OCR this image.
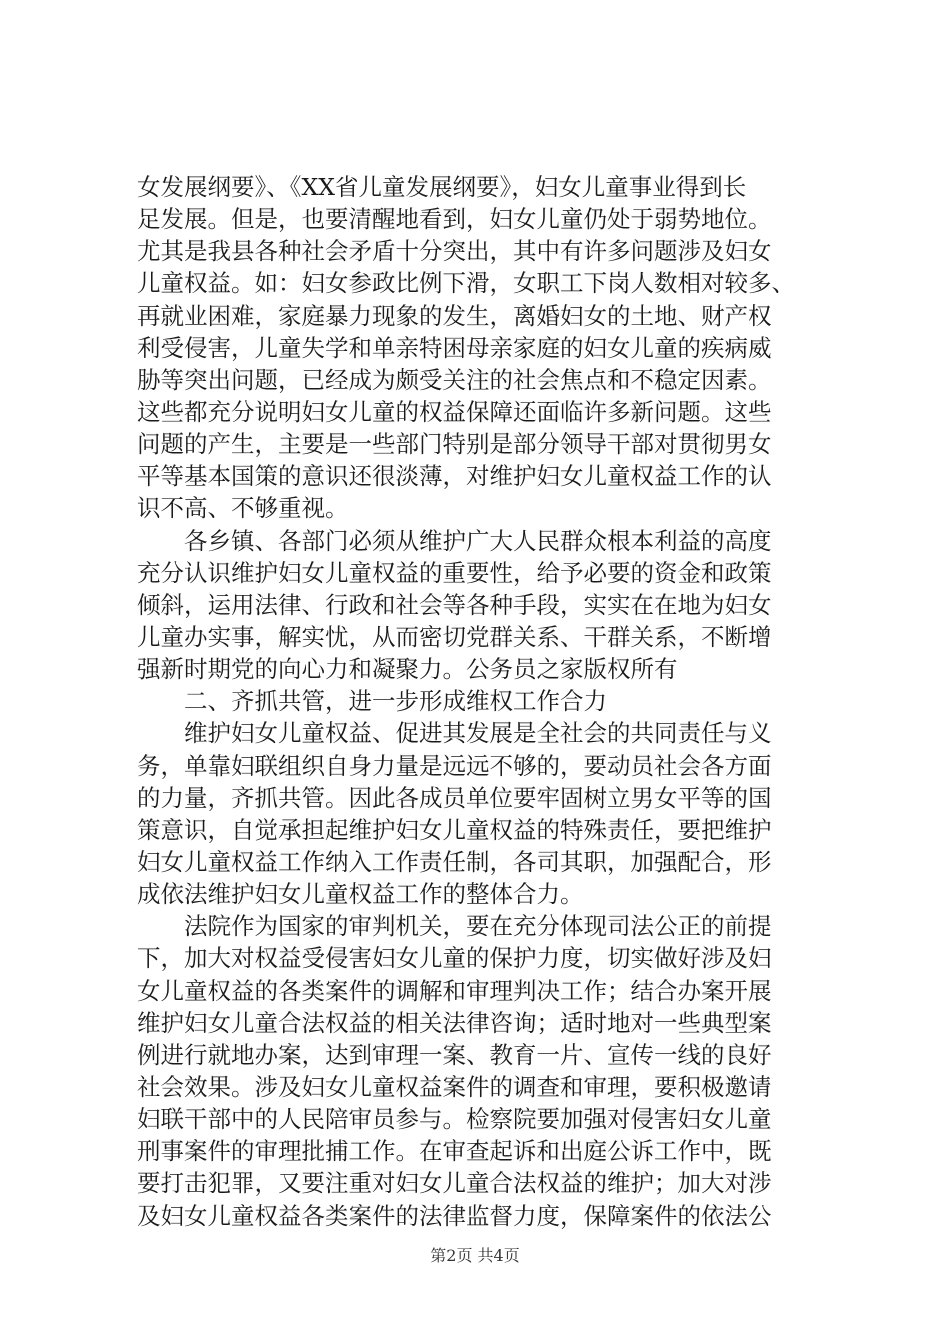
女发展纲要》、《XX省儿童发展纲要》，妇女儿童事业得到长
足发展。但是，也要清醒地看到，妇女儿童仍处于弱势地位。
尤其是我县各种社会矛盾十分突出，其中有许多问题涉及妇女
儿童权益。如：妇女参政比例下滑，女职工下岗人数相对较多、
再就业困难，家庭暴力现象的发生，离婚妇女的土地、财产权
利受侵害，儿童失学和单亲特困母亲家庭的妇女儿童的疾病威
胁等突出问题，已经成为颇受关注的社会焦点和不稳定因素。
这些都充分说明妇女儿童的权益保障还面临许多新问题。这些
问题的产生，主要是一些部门特别是部分领导干部对贯彻男女
平等基本国策的意识还很淡薄，对维护妇女儿童权益工作的认
识不高、不够重视。
　　各乡镇、各部门必须从维护广大人民群众根本利益的高度
充分认识维护妇女儿童权益的重要性，给予必要的资金和政策
倾斜，运用法律、行政和社会等各种手段，实实在在地为妇女
儿童办实事，解实忧，从而密切党群关系、干群关系，不断增
强新时期党的向心力和凝聚力。公务员之家版权所有
　　二、齐抓共管，进一步形成维权工作合力
　　维护妇女儿童权益、促进其发展是全社会的共同责任与义
务，单靠妇联组织自身力量是远远不够的，要动员社会各方面
的力量，齐抓共管。因此各成员单位要牢固树立男女平等的国
策意识，自觉承担起维护妇女儿童权益的特殊责任，要把维护
妇女儿童权益工作纳入工作责任制，各司其职，加强配合，形
成依法维护妇女儿童权益工作的整体合力。
　　法院作为国家的审判机关，要在充分体现司法公正的前提
下，加大对权益受侵害妇女儿童的保护力度，切实做好涉及妇
女儿童权益的各类案件的调解和审理判决工作；结合办案开展
维护妇女儿童合法权益的相关法律咨询；适时地对一些典型案
例进行就地办案，达到审理一案、教育一片、宣传一线的良好
社会效果。涉及妇女儿童权益案件的调查和审理，要积极邀请
妇联干部中的人民陪审员参与。检察院要加强对侵害妇女儿童
刑事案件的审理批捕工作。在审查起诉和出庭公诉工作中，既
要打击犯罪，又要注重对妇女儿童合法权益的维护；加大对涉
及妇女儿童权益各类案件的法律监督力度，保障案件的依法公
第2页 共4页
